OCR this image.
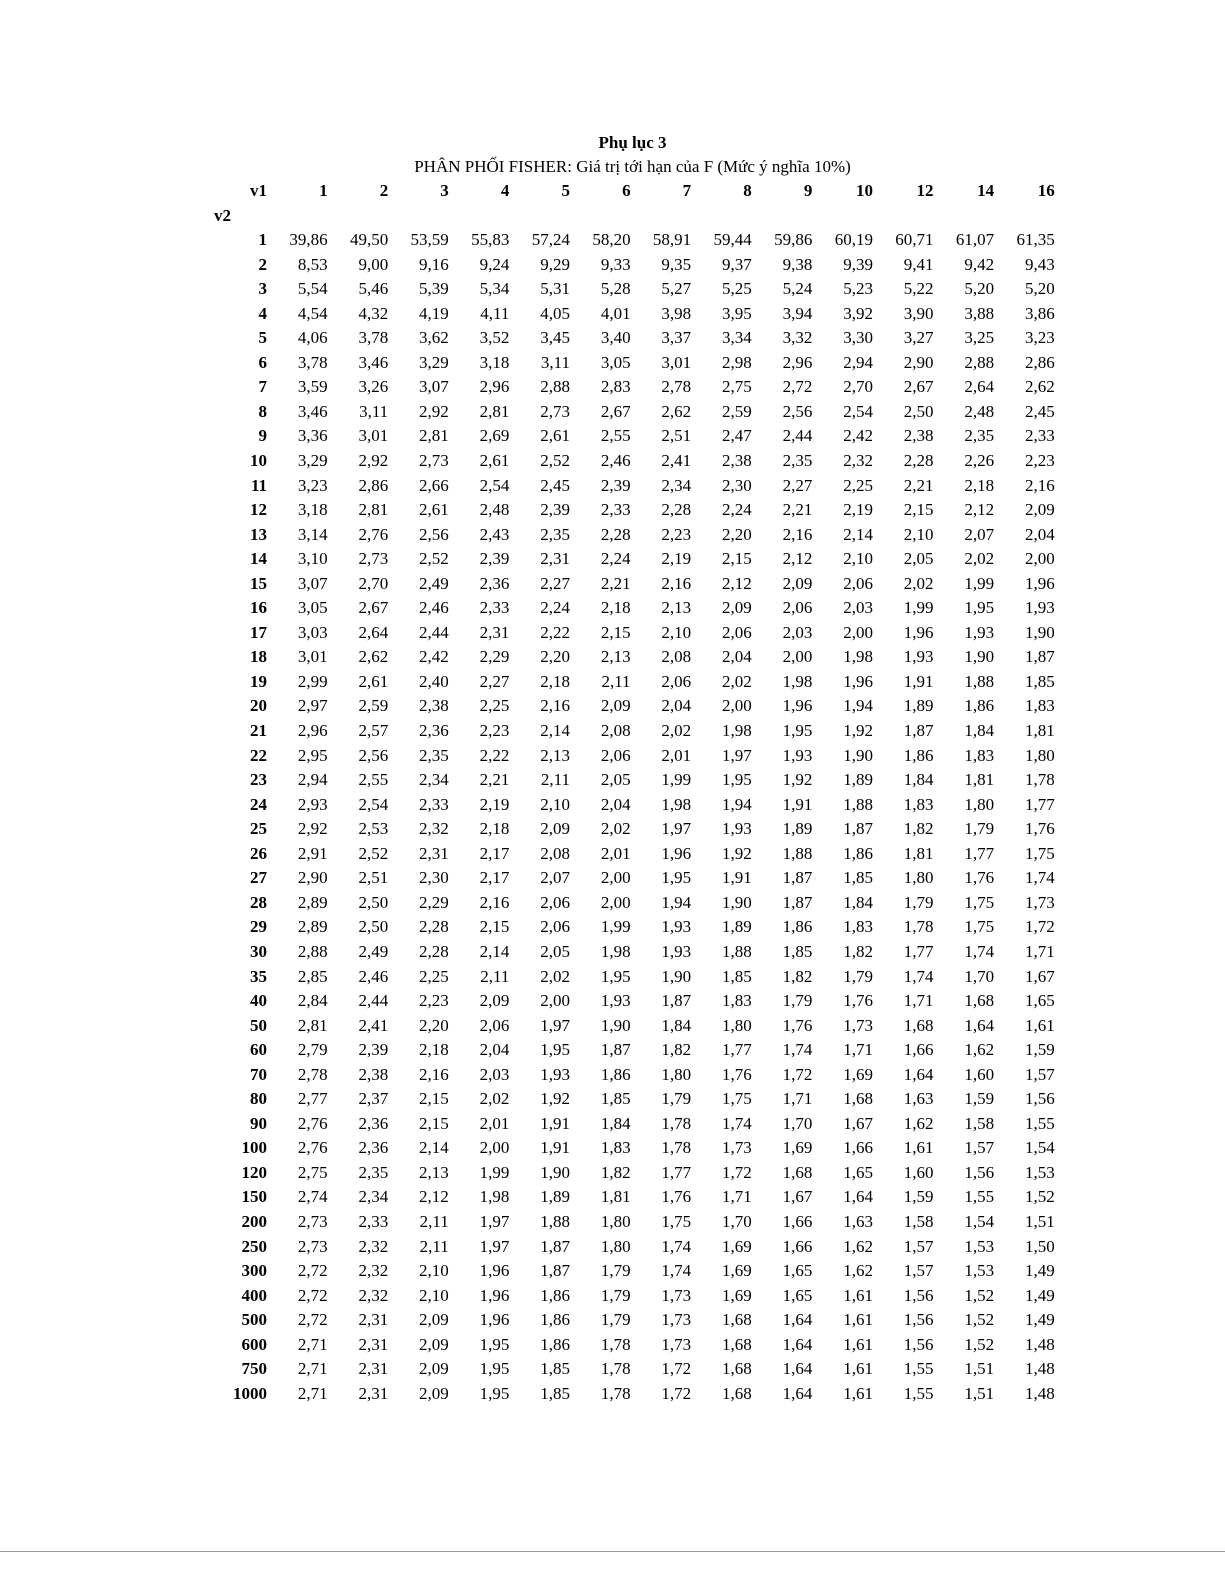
Phụ lục 3
PHÂN PHỐI FISHER: Giá trị tới hạn của F (Mức ý nghĩa 10%)
v1	1	2	3	4	5	6	7	8	9	10	12	14	16
v2													
1	39,86	49,50	53,59	55,83	57,24	58,20	58,91	59,44	59,86	60,19	60,71	61,07	61,35
2	8,53	9,00	9,16	9,24	9,29	9,33	9,35	9,37	9,38	9,39	9,41	9,42	9,43
3	5,54	5,46	5,39	5,34	5,31	5,28	5,27	5,25	5,24	5,23	5,22	5,20	5,20
4	4,54	4,32	4,19	4,11	4,05	4,01	3,98	3,95	3,94	3,92	3,90	3,88	3,86
5	4,06	3,78	3,62	3,52	3,45	3,40	3,37	3,34	3,32	3,30	3,27	3,25	3,23
6	3,78	3,46	3,29	3,18	3,11	3,05	3,01	2,98	2,96	2,94	2,90	2,88	2,86
7	3,59	3,26	3,07	2,96	2,88	2,83	2,78	2,75	2,72	2,70	2,67	2,64	2,62
8	3,46	3,11	2,92	2,81	2,73	2,67	2,62	2,59	2,56	2,54	2,50	2,48	2,45
9	3,36	3,01	2,81	2,69	2,61	2,55	2,51	2,47	2,44	2,42	2,38	2,35	2,33
10	3,29	2,92	2,73	2,61	2,52	2,46	2,41	2,38	2,35	2,32	2,28	2,26	2,23
11	3,23	2,86	2,66	2,54	2,45	2,39	2,34	2,30	2,27	2,25	2,21	2,18	2,16
12	3,18	2,81	2,61	2,48	2,39	2,33	2,28	2,24	2,21	2,19	2,15	2,12	2,09
13	3,14	2,76	2,56	2,43	2,35	2,28	2,23	2,20	2,16	2,14	2,10	2,07	2,04
14	3,10	2,73	2,52	2,39	2,31	2,24	2,19	2,15	2,12	2,10	2,05	2,02	2,00
15	3,07	2,70	2,49	2,36	2,27	2,21	2,16	2,12	2,09	2,06	2,02	1,99	1,96
16	3,05	2,67	2,46	2,33	2,24	2,18	2,13	2,09	2,06	2,03	1,99	1,95	1,93
17	3,03	2,64	2,44	2,31	2,22	2,15	2,10	2,06	2,03	2,00	1,96	1,93	1,90
18	3,01	2,62	2,42	2,29	2,20	2,13	2,08	2,04	2,00	1,98	1,93	1,90	1,87
19	2,99	2,61	2,40	2,27	2,18	2,11	2,06	2,02	1,98	1,96	1,91	1,88	1,85
20	2,97	2,59	2,38	2,25	2,16	2,09	2,04	2,00	1,96	1,94	1,89	1,86	1,83
21	2,96	2,57	2,36	2,23	2,14	2,08	2,02	1,98	1,95	1,92	1,87	1,84	1,81
22	2,95	2,56	2,35	2,22	2,13	2,06	2,01	1,97	1,93	1,90	1,86	1,83	1,80
23	2,94	2,55	2,34	2,21	2,11	2,05	1,99	1,95	1,92	1,89	1,84	1,81	1,78
24	2,93	2,54	2,33	2,19	2,10	2,04	1,98	1,94	1,91	1,88	1,83	1,80	1,77
25	2,92	2,53	2,32	2,18	2,09	2,02	1,97	1,93	1,89	1,87	1,82	1,79	1,76
26	2,91	2,52	2,31	2,17	2,08	2,01	1,96	1,92	1,88	1,86	1,81	1,77	1,75
27	2,90	2,51	2,30	2,17	2,07	2,00	1,95	1,91	1,87	1,85	1,80	1,76	1,74
28	2,89	2,50	2,29	2,16	2,06	2,00	1,94	1,90	1,87	1,84	1,79	1,75	1,73
29	2,89	2,50	2,28	2,15	2,06	1,99	1,93	1,89	1,86	1,83	1,78	1,75	1,72
30	2,88	2,49	2,28	2,14	2,05	1,98	1,93	1,88	1,85	1,82	1,77	1,74	1,71
35	2,85	2,46	2,25	2,11	2,02	1,95	1,90	1,85	1,82	1,79	1,74	1,70	1,67
40	2,84	2,44	2,23	2,09	2,00	1,93	1,87	1,83	1,79	1,76	1,71	1,68	1,65
50	2,81	2,41	2,20	2,06	1,97	1,90	1,84	1,80	1,76	1,73	1,68	1,64	1,61
60	2,79	2,39	2,18	2,04	1,95	1,87	1,82	1,77	1,74	1,71	1,66	1,62	1,59
70	2,78	2,38	2,16	2,03	1,93	1,86	1,80	1,76	1,72	1,69	1,64	1,60	1,57
80	2,77	2,37	2,15	2,02	1,92	1,85	1,79	1,75	1,71	1,68	1,63	1,59	1,56
90	2,76	2,36	2,15	2,01	1,91	1,84	1,78	1,74	1,70	1,67	1,62	1,58	1,55
100	2,76	2,36	2,14	2,00	1,91	1,83	1,78	1,73	1,69	1,66	1,61	1,57	1,54
120	2,75	2,35	2,13	1,99	1,90	1,82	1,77	1,72	1,68	1,65	1,60	1,56	1,53
150	2,74	2,34	2,12	1,98	1,89	1,81	1,76	1,71	1,67	1,64	1,59	1,55	1,52
200	2,73	2,33	2,11	1,97	1,88	1,80	1,75	1,70	1,66	1,63	1,58	1,54	1,51
250	2,73	2,32	2,11	1,97	1,87	1,80	1,74	1,69	1,66	1,62	1,57	1,53	1,50
300	2,72	2,32	2,10	1,96	1,87	1,79	1,74	1,69	1,65	1,62	1,57	1,53	1,49
400	2,72	2,32	2,10	1,96	1,86	1,79	1,73	1,69	1,65	1,61	1,56	1,52	1,49
500	2,72	2,31	2,09	1,96	1,86	1,79	1,73	1,68	1,64	1,61	1,56	1,52	1,49
600	2,71	2,31	2,09	1,95	1,86	1,78	1,73	1,68	1,64	1,61	1,56	1,52	1,48
750	2,71	2,31	2,09	1,95	1,85	1,78	1,72	1,68	1,64	1,61	1,55	1,51	1,48
1000	2,71	2,31	2,09	1,95	1,85	1,78	1,72	1,68	1,64	1,61	1,55	1,51	1,48
